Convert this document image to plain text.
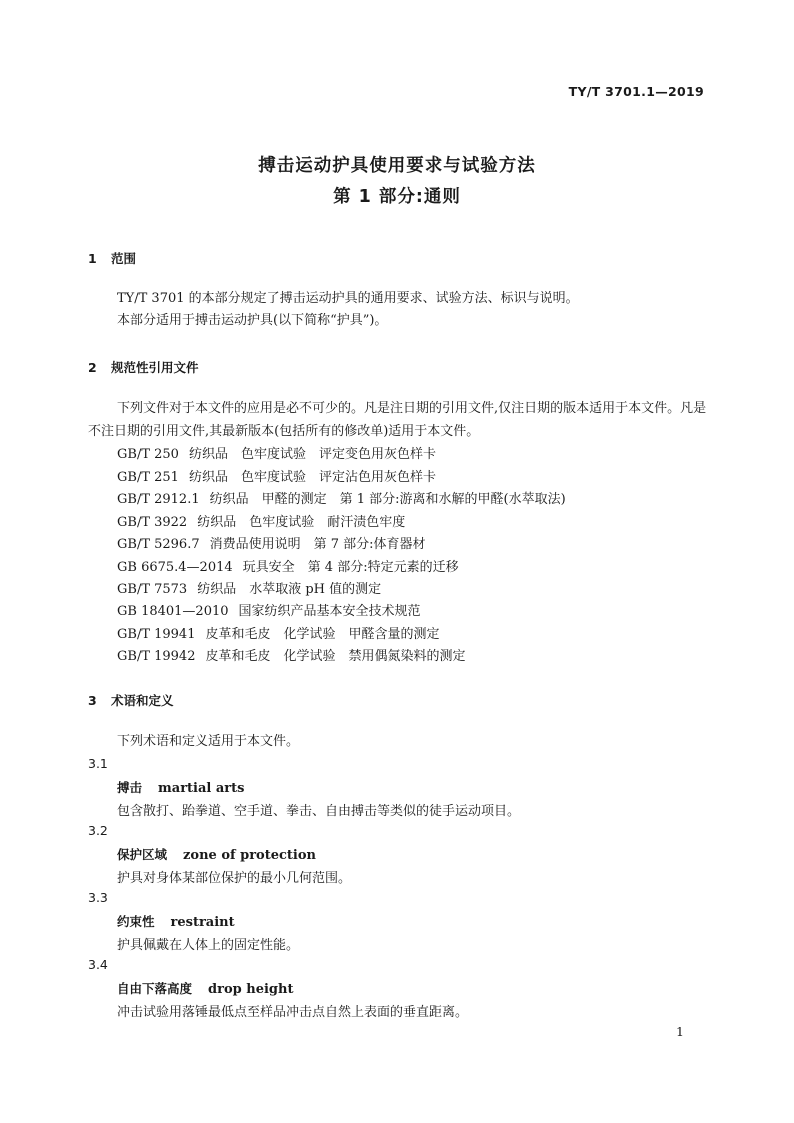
TY/T 3701.1—2019
搏击运动护具使用要求与试验方法
第 1 部分:通则
1 范围
TY/T 3701 的本部分规定了搏击运动护具的通用要求、试验方法、标识与说明。
本部分适用于搏击运动护具(以下简称“护具”)。
2 规范性引用文件
下列文件对于本文件的应用是必不可少的。凡是注日期的引用文件,仅注日期的版本适用于本文件。凡是不注日期的引用文件,其最新版本(包括所有的修改单)适用于本文件。
GB/T 250 纺织品　色牢度试验　评定变色用灰色样卡
GB/T 251 纺织品　色牢度试验　评定沾色用灰色样卡
GB/T 2912.1 纺织品　甲醛的测定　第 1 部分:游离和水解的甲醛(水萃取法)
GB/T 3922 纺织品　色牢度试验　耐汗渍色牢度
GB/T 5296.7 消费品使用说明　第 7 部分:体育器材
GB 6675.4—2014 玩具安全　第 4 部分:特定元素的迁移
GB/T 7573 纺织品　水萃取液 pH 值的测定
GB 18401—2010 国家纺织产品基本安全技术规范
GB/T 19941 皮革和毛皮　化学试验　甲醛含量的测定
GB/T 19942 皮革和毛皮　化学试验　禁用偶氮染料的测定
3 术语和定义
下列术语和定义适用于本文件。
3.1
搏击 martial arts
包含散打、跆拳道、空手道、拳击、自由搏击等类似的徒手运动项目。
3.2
保护区域 zone of protection
护具对身体某部位保护的最小几何范围。
3.3
约束性 restraint
护具佩戴在人体上的固定性能。
3.4
自由下落高度 drop height
冲击试验用落锤最低点至样品冲击点自然上表面的垂直距离。
1
